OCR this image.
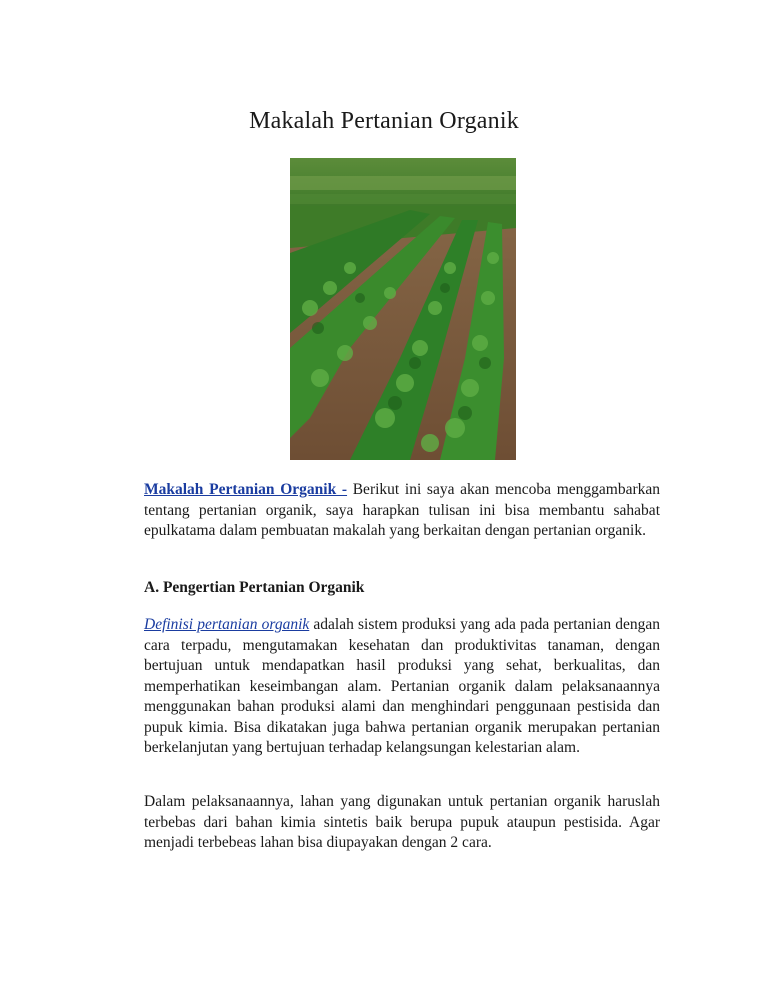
Makalah Pertanian Organik
Makalah Pertanian Organik - Berikut ini saya akan mencoba menggambarkan tentang pertanian organik, saya harapkan tulisan ini bisa membantu sahabat epulkatama dalam pembuatan makalah yang berkaitan dengan pertanian organik.
A. Pengertian Pertanian Organik
Definisi pertanian organik adalah sistem produksi yang ada pada pertanian dengan cara terpadu, mengutamakan kesehatan dan produktivitas tanaman, dengan bertujuan untuk mendapatkan hasil produksi yang sehat, berkualitas, dan memperhatikan keseimbangan alam. Pertanian organik dalam pelaksanaannya menggunakan bahan produksi alami dan menghindari penggunaan pestisida dan pupuk kimia. Bisa dikatakan juga bahwa pertanian organik merupakan pertanian berkelanjutan yang bertujuan terhadap kelangsungan kelestarian alam.
Dalam pelaksanaannya, lahan yang digunakan untuk pertanian organik haruslah terbebas dari bahan kimia sintetis baik berupa pupuk ataupun pestisida. Agar menjadi terbebeas lahan bisa diupayakan dengan 2 cara.
